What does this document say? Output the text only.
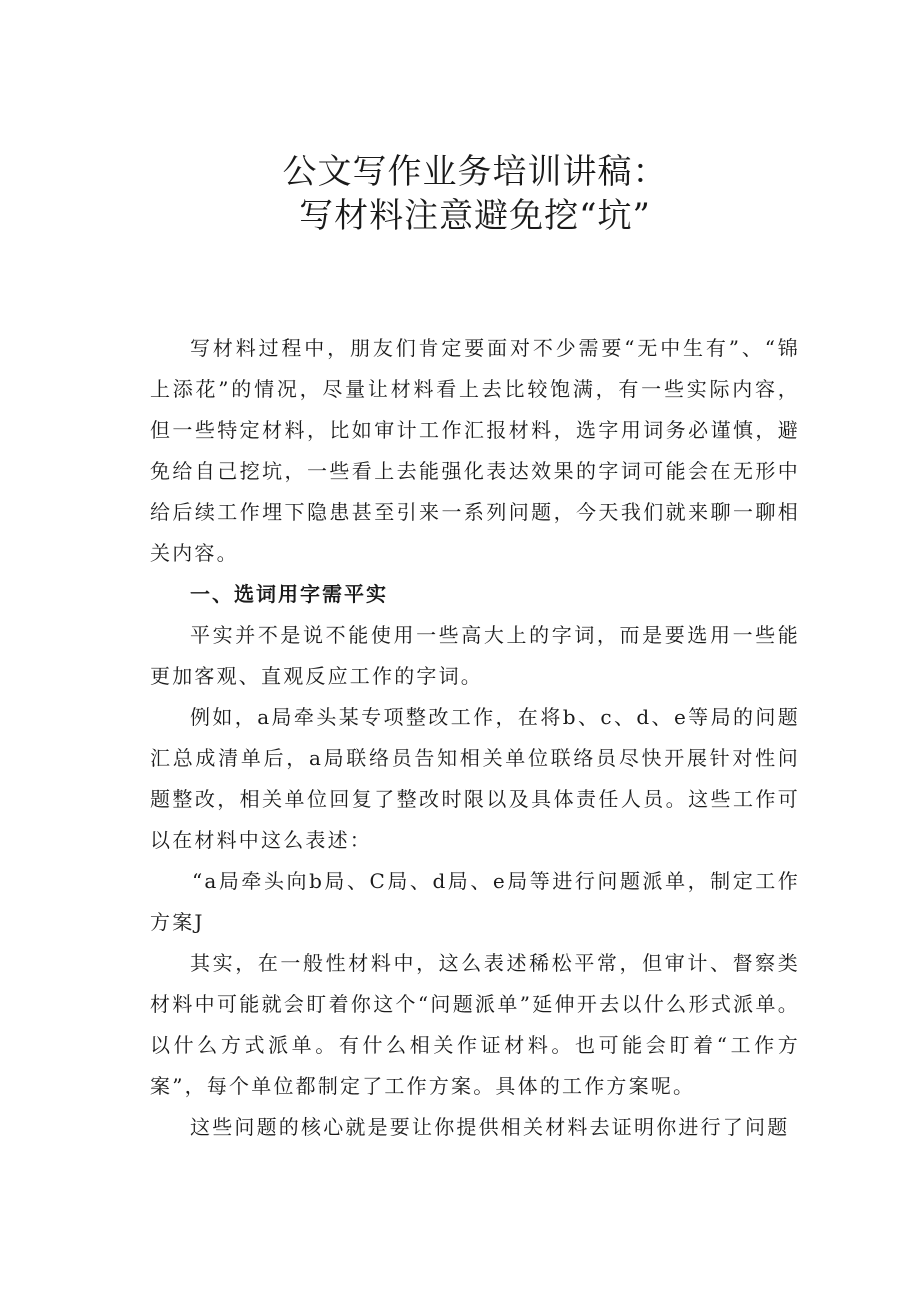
公文写作业务培训讲稿：
写材料注意避免挖“坑”

写材料过程中，朋友们肯定要面对不少需要“无中生有”、“锦上添花”的情况，尽量让材料看上去比较饱满，有一些实际内容，但一些特定材料，比如审计工作汇报材料，选字用词务必谨慎，避免给自己挖坑，一些看上去能强化表达效果的字词可能会在无形中给后续工作埋下隐患甚至引来一系列问题，今天我们就来聊一聊相关内容。

一、选词用字需平实

平实并不是说不能使用一些高大上的字词，而是要选用一些能更加客观、直观反应工作的字词。

例如，a局牵头某专项整改工作，在将b、c、d、e等局的问题汇总成清单后，a局联络员告知相关单位联络员尽快开展针对性问题整改，相关单位回复了整改时限以及具体责任人员。这些工作可以在材料中这么表述：

“a局牵头向b局、C局、d局、e局等进行问题派单，制定工作方案J

其实，在一般性材料中，这么表述稀松平常，但审计、督察类材料中可能就会盯着你这个“问题派单”延伸开去以什么形式派单。以什么方式派单。有什么相关作证材料。也可能会盯着“工作方案”，每个单位都制定了工作方案。具体的工作方案呢。

这些问题的核心就是要让你提供相关材料去证明你进行了问题
